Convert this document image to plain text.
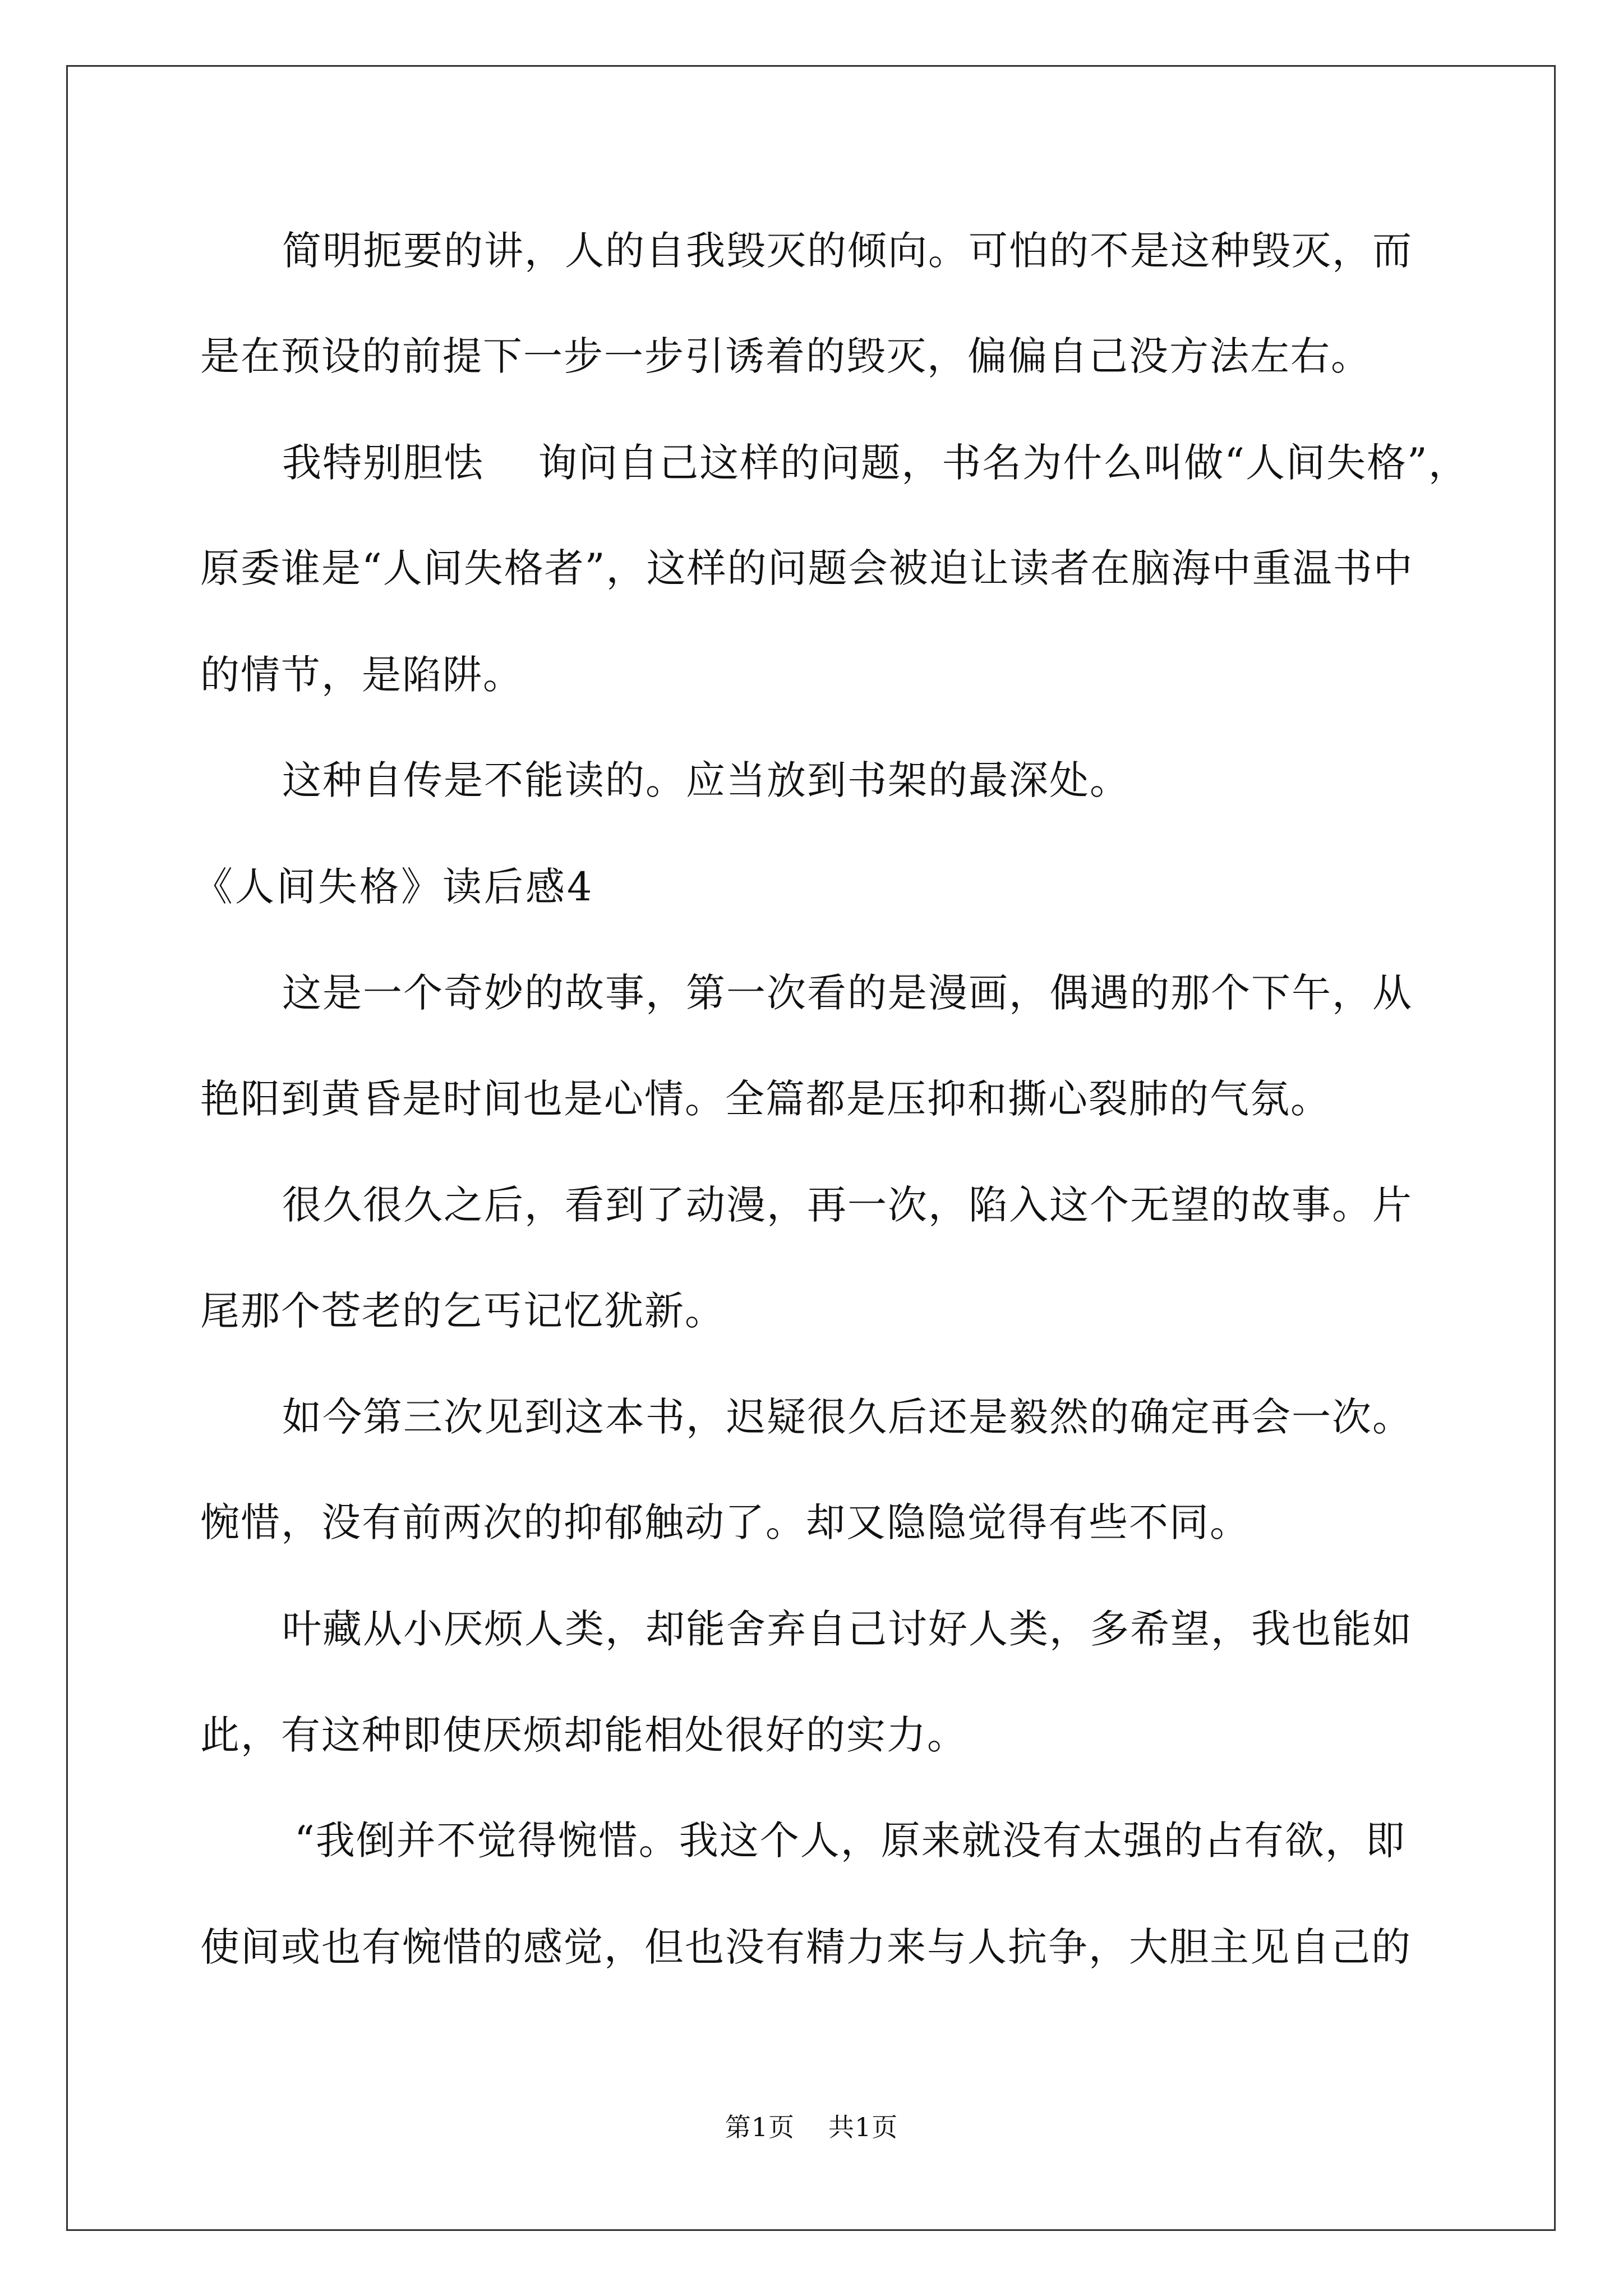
简明扼要的讲，人的自我毁灭的倾向。可怕的不是这种毁灭，而
是在预设的前提下一步一步引诱着的毁灭，偏偏自己没方法左右。
我特别胆怯　 询问自己这样的问题，书名为什么叫做“人间失格”，
原委谁是“人间失格者”，这样的问题会被迫让读者在脑海中重温书中
的情节，是陷阱。
这种自传是不能读的。应当放到书架的最深处。
《人间失格》读后感4
这是一个奇妙的故事，第一次看的是漫画，偶遇的那个下午，从
艳阳到黄昏是时间也是心情。全篇都是压抑和撕心裂肺的气氛。
很久很久之后，看到了动漫，再一次，陷入这个无望的故事。片
尾那个苍老的乞丐记忆犹新。
如今第三次见到这本书，迟疑很久后还是毅然的确定再会一次。
惋惜，没有前两次的抑郁触动了。却又隐隐觉得有些不同。
叶藏从小厌烦人类，却能舍弃自己讨好人类，多希望，我也能如
此，有这种即使厌烦却能相处很好的实力。
“我倒并不觉得惋惜。我这个人，原来就没有太强的占有欲，即
使间或也有惋惜的感觉，但也没有精力来与人抗争，大胆主见自己的
第1页 共1页
